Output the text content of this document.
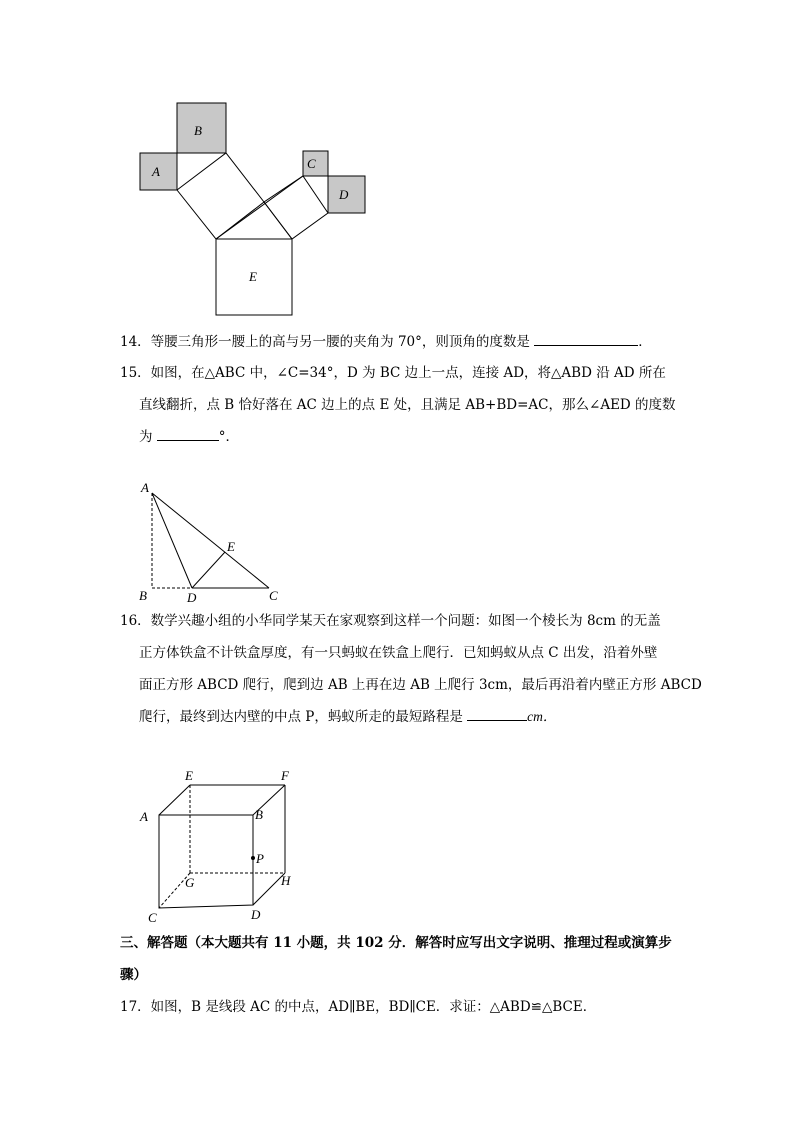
A
B
C
D
E
14．等腰三角形一腰上的高与另一腰的夹角为 70°，则顶角的度数是	．
15．如图，在△ABC 中，∠C=34°，D 为 BC 边上一点，连接 AD，将△ABD 沿 AD 所在
直线翻折，点 B 恰好落在 AC 边上的点 E 处，且满足 AB+BD=AC，那么∠AED 的度数
为	°．
A
B	C
D
E
16．数学兴趣小组的小华同学某天在家观察到这样一个问题：如图一个棱长为 8cm 的无盖
正方体铁盒不计铁盒厚度，有一只蚂蚁在铁盒上爬行．已知蚂蚁从点 C 出发，沿着外壁
面正方形 ABCD 爬行，爬到边 AB 上再在边 AB 上爬行 3cm，最后再沿着内壁正方形 ABCD
爬行，最终到达内壁的中点 P，蚂蚁所走的最短路程是	cm．
A	B
C	D
E	F
G	H
P
三、解答题（本大题共有 11 小题，共 102 分．解答时应写出文字说明、推理过程或演算步
骤）
17．如图，B 是线段 AC 的中点，AD∥BE，BD∥CE．求证：△ABD≌△BCE．
